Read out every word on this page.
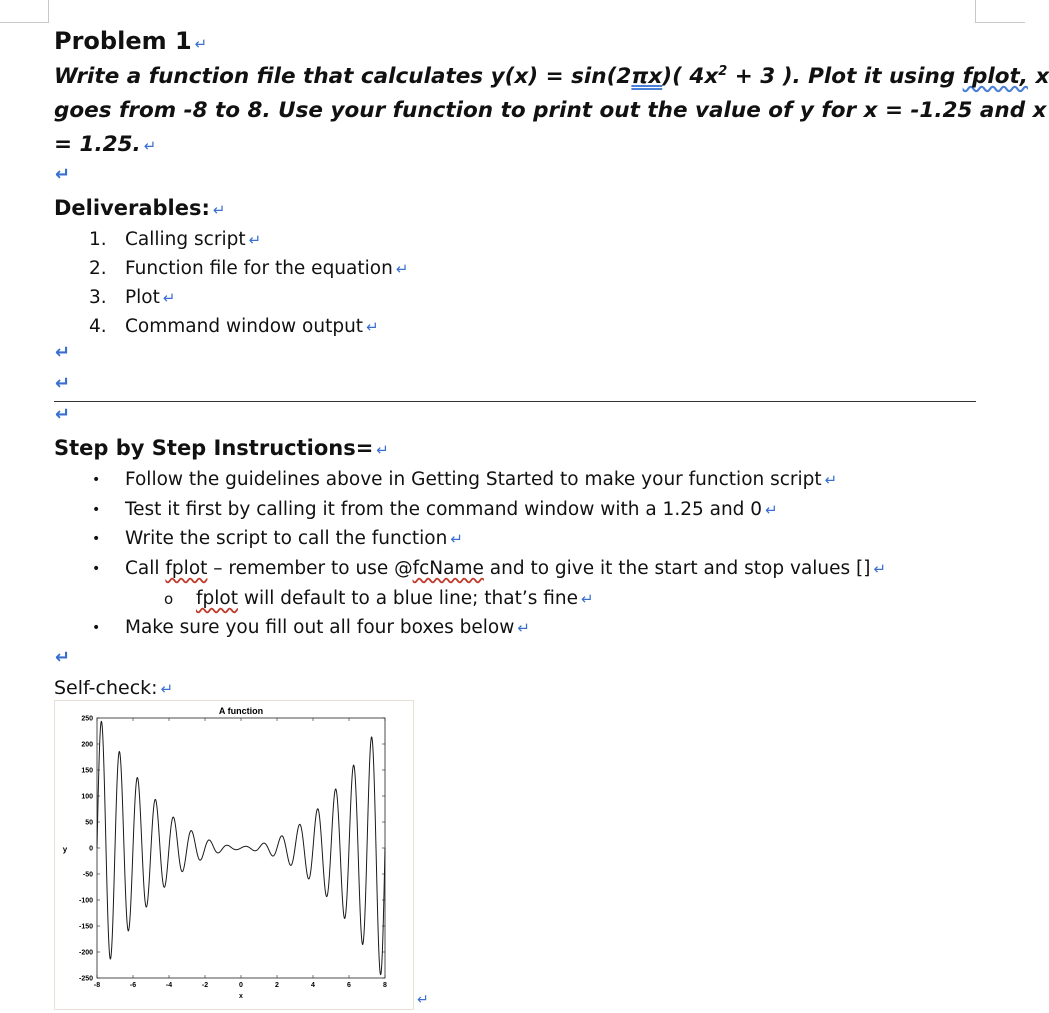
Problem 1 ↵
Write a function file that calculates y(x) = sin(2πx)( $4x^2 + 3$ ). Plot it using fplot, x
goes from -8 to 8. Use your function to print out the value of y for x = -1.25 and x
= 1.25. ↵
↵
Deliverables: ↵
1. Calling script ↵
2. Function file for the equation ↵
3. Plot ↵
4. Command window output ↵
↵
↵
↵
Step by Step Instructions= ↵
• Follow the guidelines above in Getting Started to make your function script ↵
• Test it first by calling it from the command window with a 1.25 and 0 ↵
• Write the script to call the function ↵
• Call fplot – remember to use @fcName and to give it the start and stop values [] ↵
o fplot will default to a blue line; that’s fine ↵
• Make sure you fill out all four boxes below ↵
↵
Self-check: ↵
A function
y
x
-8	-6	-4	-2	0	2	4	6	8
250
200
150
100
50
0
-50
-100
-150
-200
-250
↵
